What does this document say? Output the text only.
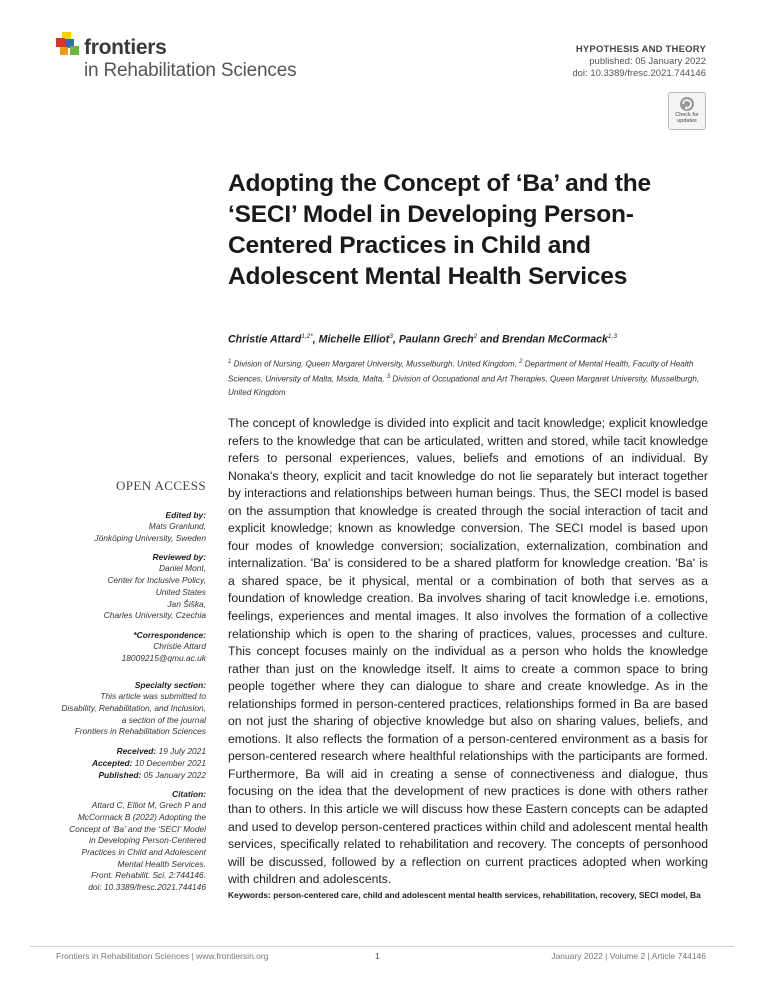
frontiers
in Rehabilitation Sciences
HYPOTHESIS AND THEORY
published: 05 January 2022
doi: 10.3389/fresc.2021.744146
Check for
updates
Adopting the Concept of ‘Ba’ and the ‘SECI’ Model in Developing Person-Centered Practices in Child and Adolescent Mental Health Services
Christie Attard$^{1,2*}$, Michelle Elliot$^3$, Paulann Grech$^2$ and Brendan McCormack$^{1,3}$
$^1$ Division of Nursing, Queen Margaret University, Musselburgh, United Kingdom, $^2$ Department of Mental Health, Faculty of Health Sciences, University of Malta, Msida, Malta, $^3$ Division of Occupational and Art Therapies, Queen Margaret University, Musselburgh, United Kingdom
OPEN ACCESS
Edited by:
Mats Granlund,
Jönköping University, Sweden
Reviewed by:
Daniel Mont,
Center for Inclusive Policy,
United States
Jan Šiška,
Charles University, Czechia
*Correspondence:
Christie Attard
18009215@qmu.ac.uk
Specialty section:
This article was submitted to
Disability, Rehabilitation, and Inclusion,
a section of the journal
Frontiers in Rehabilitation Sciences
Received: 19 July 2021
Accepted: 10 December 2021
Published: 05 January 2022
Citation:
Attard C, Elliot M, Grech P and
McCormack B (2022) Adopting the
Concept of ‘Ba’ and the ‘SECI’ Model
in Developing Person-Centered
Practices in Child and Adolescent
Mental Health Services.
Front. Rehabilit. Sci. 2:744146.
doi: 10.3389/fresc.2021.744146
The concept of knowledge is divided into explicit and tacit knowledge; explicit knowledge refers to the knowledge that can be articulated, written and stored, while tacit knowledge refers to personal experiences, values, beliefs and emotions of an individual. By Nonaka's theory, explicit and tacit knowledge do not lie separately but interact together by interactions and relationships between human beings. Thus, the SECI model is based on the assumption that knowledge is created through the social interaction of tacit and explicit knowledge; known as knowledge conversion. The SECI model is based upon four modes of knowledge conversion; socialization, externalization, combination and internalization. 'Ba' is considered to be a shared platform for knowledge creation. 'Ba' is a shared space, be it physical, mental or a combination of both that serves as a foundation of knowledge creation. Ba involves sharing of tacit knowledge i.e. emotions, feelings, experiences and mental images. It also involves the formation of a collective relationship which is open to the sharing of practices, values, processes and culture. This concept focuses mainly on the individual as a person who holds the knowledge rather than just on the knowledge itself. It aims to create a common space to bring people together where they can dialogue to share and create knowledge. As in the relationships formed in person-centered practices, relationships formed in Ba are based on not just the sharing of objective knowledge but also on sharing values, beliefs, and emotions. It also reflects the formation of a person-centered environment as a basis for person-centered research where healthful relationships with the participants are formed. Furthermore, Ba will aid in creating a sense of connectiveness and dialogue, thus focusing on the idea that the development of new practices is done with others rather than to others. In this article we will discuss how these Eastern concepts can be adapted and used to develop person-centered practices within child and adolescent mental health services, specifically related to rehabilitation and recovery. The concepts of personhood will be discussed, followed by a reflection on current practices adopted when working with children and adolescents.
Keywords: person-centered care, child and adolescent mental health services, rehabilitation, recovery, SECI model, Ba
Frontiers in Rehabilitation Sciences | www.frontiersin.org	1	January 2022 | Volume 2 | Article 744146
